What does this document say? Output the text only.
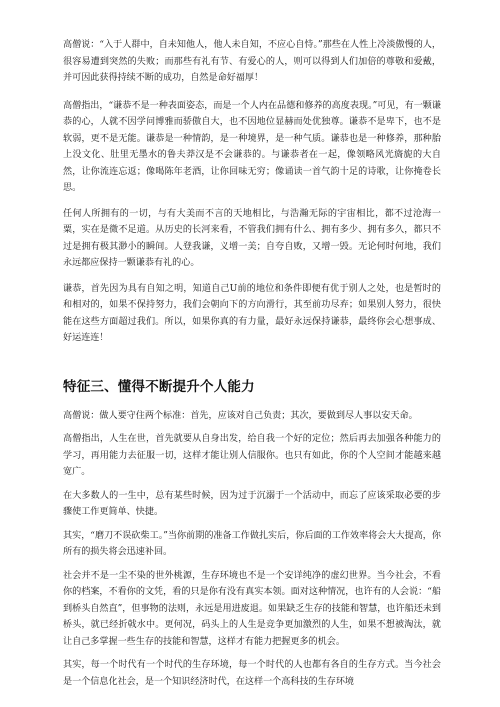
高僧说：“入于人群中，自未知他人，他人未自知，不应心自恃。”那些在人性上冷淡傲慢的人，很容易遭到突然的失败；而那些有礼有节、有爱心的人，则可以得到人们加倍的尊敬和爱戴，并可因此获得持续不断的成功，自然是命好福厚！

高僧指出，“谦恭不是一种表面姿态，而是一个人内在品德和修养的高度表现。”可见，有一颗谦恭的心，人就不因学问博雅而骄傲自大，也不因地位显赫而处优独尊。谦恭不是卑下，也不是软弱，更不是无能。谦恭是一种情韵，是一种境界，是一种气质。谦恭也是一种修养，那种胎上没文化、肚里无墨水的鲁夫莽汉是不会谦恭的。与谦恭者在一起，像领略风光旖旎的大自然，让你流连忘返；像喝陈年老酒，让你回味无穷；像诵读一首气韵十足的诗歌，让你掩卷长思。

任何人所拥有的一切，与有大美而不言的天地相比，与浩瀚无际的宇宙相比，都不过沧海一粟，实在是微不足道。从历史的长河来看，不管我们拥有什么、拥有多少、拥有多久，都只不过是拥有极其渺小的瞬间。人登我谦，义增一美；自夸自败，又增一毁。无论何时何地，我们永远都应保持一颗谦恭有礼的心。

谦恭，首先因为具有自知之明，知道自己U前的地位和条件即便有优于别人之处，也是暂时的和相对的，如果不保持努力，我们会朝向下的方向滑行，其至前功尽弃；如果别人努力，很快能在这些方面超过我们。所以，如果你真的有力量，最好永远保持谦恭，最终你会心想事成、好运连连！

特征三、懂得不断提升个人能力

高僧说：做人要守住两个标准：首先，应该对自己负责；其次，要做到尽人事以安天命。

高僧指出，人生在世，首先就要从自身出发，给自我一个好的定位；然后再去加强各种能力的学习，再用能力去征服一切，这样才能让别人信服你。也只有如此，你的个人空间才能越来越宽广。

在大多数人的一生中，总有某些时候，因为过于沉溺于一个活动中，而忘了应该采取必要的步骤使工作更简单、快捷。

其实，“磨刀不误砍柴工。”当你前期的准备工作做扎实后，你后面的工作效率将会大大提高，你所有的损失将会迅速补回。

社会并不是一尘不染的世外桃源，生存环境也不是一个安详纯净的虚幻世界。当今社会，不看你的档案，不看你的文凭，看的只是你有没有真实本领。面对这种情况，也许有的人会说：“船到桥头自然直”，但事物的法则，永远是用进废退。如果缺乏生存的技能和智慧，也许船还未到桥头，就已经折戟水中。更何况，码头上的人生是竞争更加激烈的人生，如果不想被淘汰，就让自己多掌握一些生存的技能和智慧，这样才有能力把握更多的机会。

其实，每一个时代有一个时代的生存环境，每一个时代的人也都有各自的生存方式。当今社会是一个信息化社会，是一个知识经济时代，在这样一个高科技的生存环境
